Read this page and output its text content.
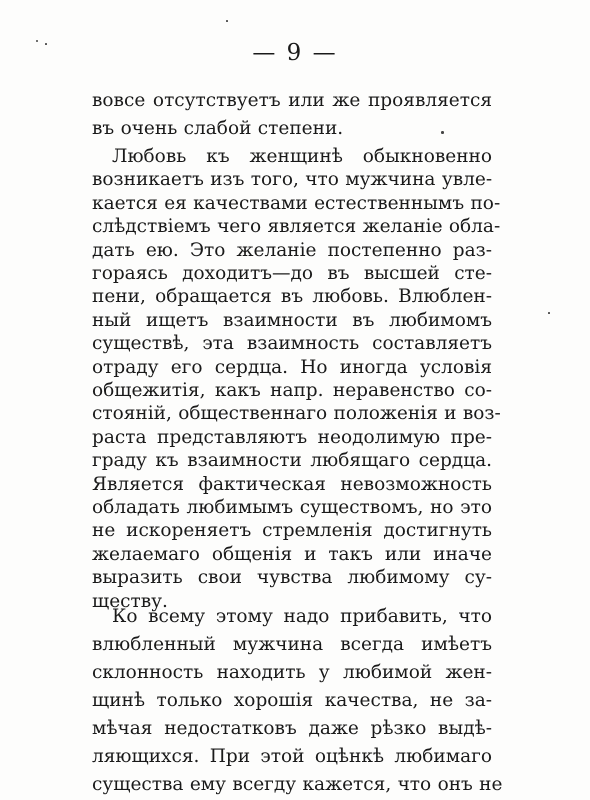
— 9 —
вовсе отсутствуетъ или же проявляется
въ очень слабой степени.
Любовь къ женщинѣ обыкновенно
возникаетъ изъ того, что мужчина увле-
кается ея качествами естественнымъ по-
слѣдствіемъ чего является желаніе обла-
дать ею. Это желаніе постепенно раз-
гораясь доходитъ—до въ высшей сте-
пени, обращается въ любовь. Влюблен-
ный ищетъ взаимности въ любимомъ
существѣ, эта взаимность составляетъ
отраду его сердца. Но иногда условія
общежитія, какъ напр. неравенство со-
стояній, общественнаго положенія и воз-
раста представляютъ неодолимую пре-
граду къ взаимности любящаго сердца.
Является фактическая невозможность
обладать любимымъ существомъ, но это
не искореняетъ стремленія достигнуть
желаемаго общенія и такъ или иначе
выразить свои чувства любимому су-
ществу.
Ко всему этому надо прибавить, что
влюбленный мужчина всегда имѣетъ
склонность находить у любимой жен-
щинѣ только хорошія качества, не за-
мѣчая недостатковъ даже рѣзко выдѣ-
ляющихся. При этой оцѣнкѣ любимаго
существа ему всегду кажется, что онъ не
